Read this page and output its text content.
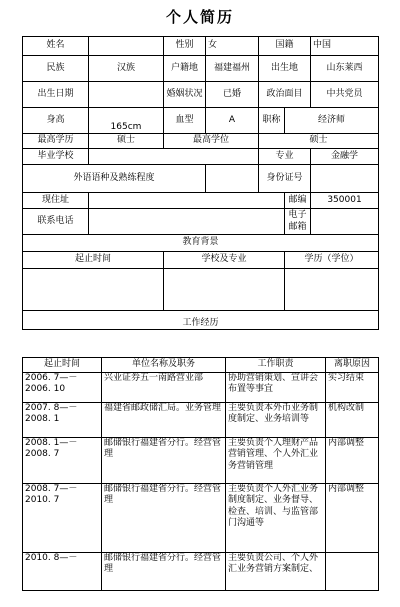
个人简历
姓名		性别	女	国籍		中国
民族	汉族	户籍地	福建福州	出生地		山东莱西
出生日期		婚姻状况	已婚	政治面目		中共党员
身高	165cm	血型	A	职称	经济师	
最高学历	硕士	最高学位		硕士		
毕业学校				专业		金融学
外语语种及熟练程度				身份证号		
现住址					邮编	350001
联系电话					电子邮箱	
教育背景						
起止时间		学校及专业			学历（学位）	

工作经历						
起止时间	单位名称及职务	工作职责	离职原因
2006. 7—－2006. 10	兴业证券五一南路营业部	协助营销策划、宣讲会布置等事宜	实习结束
2007. 8—－2008. 1	福建省邮政储汇局。业务管理	主要负责本外币业务制度制定、业务培训等	机构改制
2008. 1—－2008. 7	邮储银行福建省分行。经营管理	主要负责个人理财产品营销管理、个人外汇业务营销管理	内部调整
2008. 7—－2010. 7	邮储银行福建省分行。经营管理	主要负责个人外汇业务制度制定、业务督导、检查、培训、与监管部门沟通等	内部调整
2010. 8—－	邮储银行福建省分行。经营管理	主要负责公司、个人外汇业务营销方案制定、	
